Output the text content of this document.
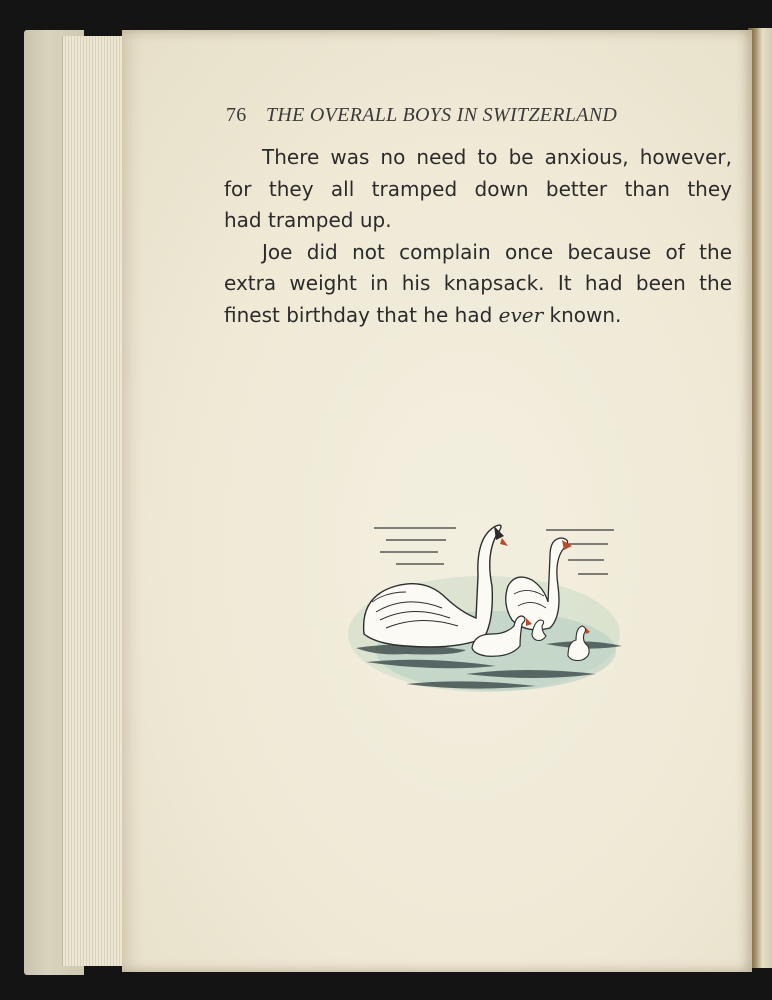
76 THE OVERALL BOYS IN SWITZERLAND
There was no need to be anxious, however,
for they all tramped down better than they
had tramped up.
Joe did not complain once because of the
extra weight in his knapsack. It had been the
finest birthday that he had ever known.
